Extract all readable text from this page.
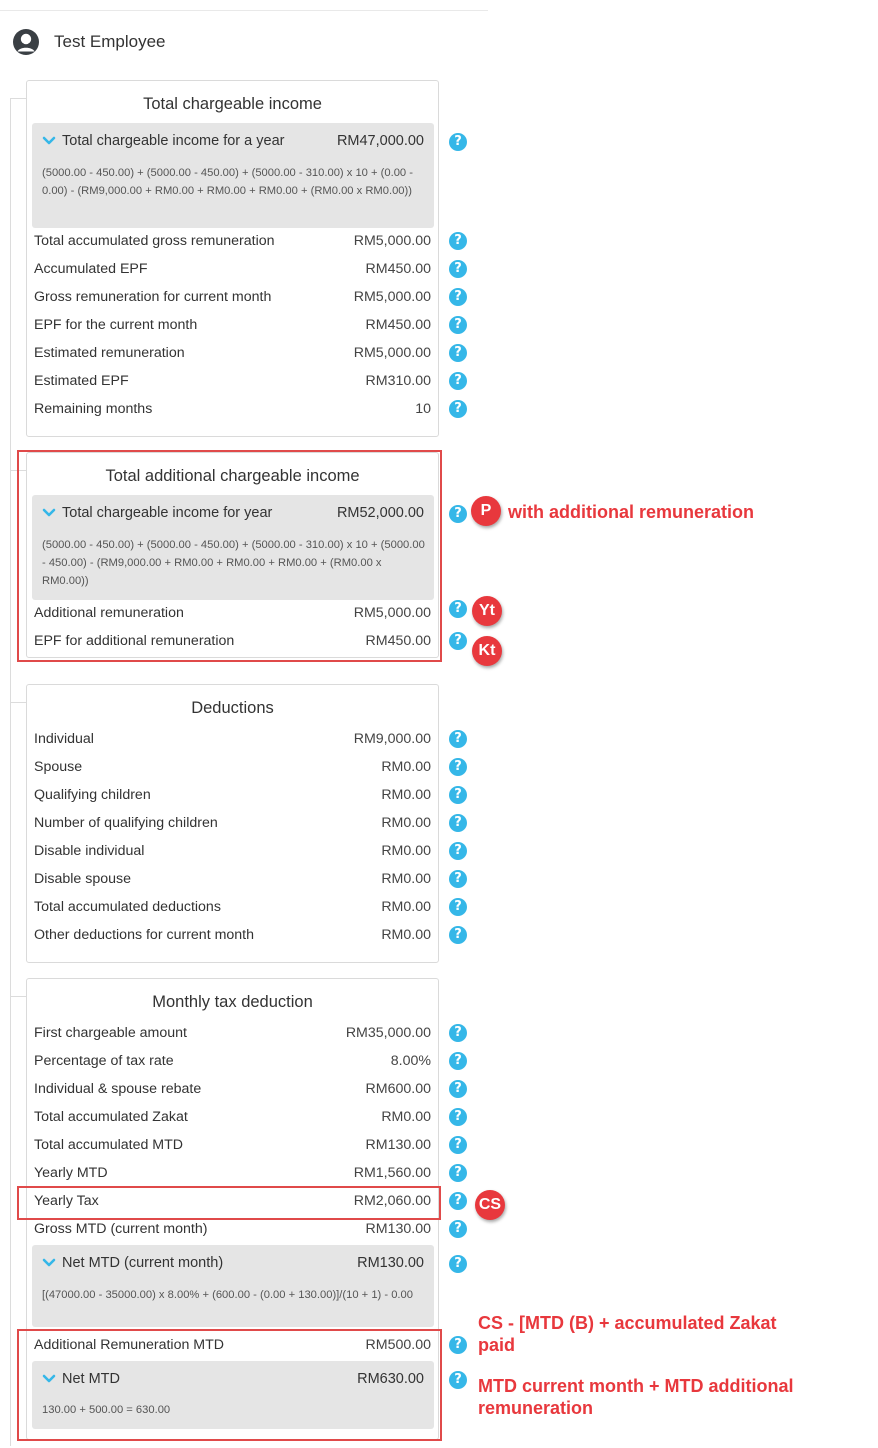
Test Employee
Total chargeable income
Total chargeable income for a year	RM47,000.00
(5000.00 - 450.00) + (5000.00 - 450.00) + (5000.00 - 310.00) x 10 + (0.00 - 0.00) - (RM9,000.00 + RM0.00 + RM0.00 + RM0.00 + (RM0.00 x RM0.00))
Total accumulated gross remuneration	RM5,000.00
Accumulated EPF	RM450.00
Gross remuneration for current month	RM5,000.00
EPF for the current month	RM450.00
Estimated remuneration	RM5,000.00
Estimated EPF	RM310.00
Remaining months	10
Total additional chargeable income
Total chargeable income for year	RM52,000.00
(5000.00 - 450.00) + (5000.00 - 450.00) + (5000.00 - 310.00) x 10 + (5000.00 - 450.00) - (RM9,000.00 + RM0.00 + RM0.00 + RM0.00 + (RM0.00 x RM0.00))
Additional remuneration	RM5,000.00
EPF for additional remuneration	RM450.00
Deductions
Individual	RM9,000.00
Spouse	RM0.00
Qualifying children	RM0.00
Number of qualifying children	RM0.00
Disable individual	RM0.00
Disable spouse	RM0.00
Total accumulated deductions	RM0.00
Other deductions for current month	RM0.00
Monthly tax deduction
First chargeable amount	RM35,000.00
Percentage of tax rate	8.00%
Individual & spouse rebate	RM600.00
Total accumulated Zakat	RM0.00
Total accumulated MTD	RM130.00
Yearly MTD	RM1,560.00
Yearly Tax	RM2,060.00
Gross MTD (current month)	RM130.00
Net MTD (current month)	RM130.00
[(47000.00 - 35000.00) x 8.00% + (600.00 - (0.00 + 130.00)]/(10 + 1) - 0.00
Additional Remuneration MTD	RM500.00
Net MTD	RM630.00
130.00 + 500.00 = 630.00
?
?
?
?
?
?
?
?
?
?
?
?
?
?
?
?
?
?
?
?
?
?
?
?
?
?
?
?
?
?
P with additional remuneration
Yt
Kt
CS
CS - [MTD (B) + accumulated Zakat paid
MTD current month + MTD additional remuneration
